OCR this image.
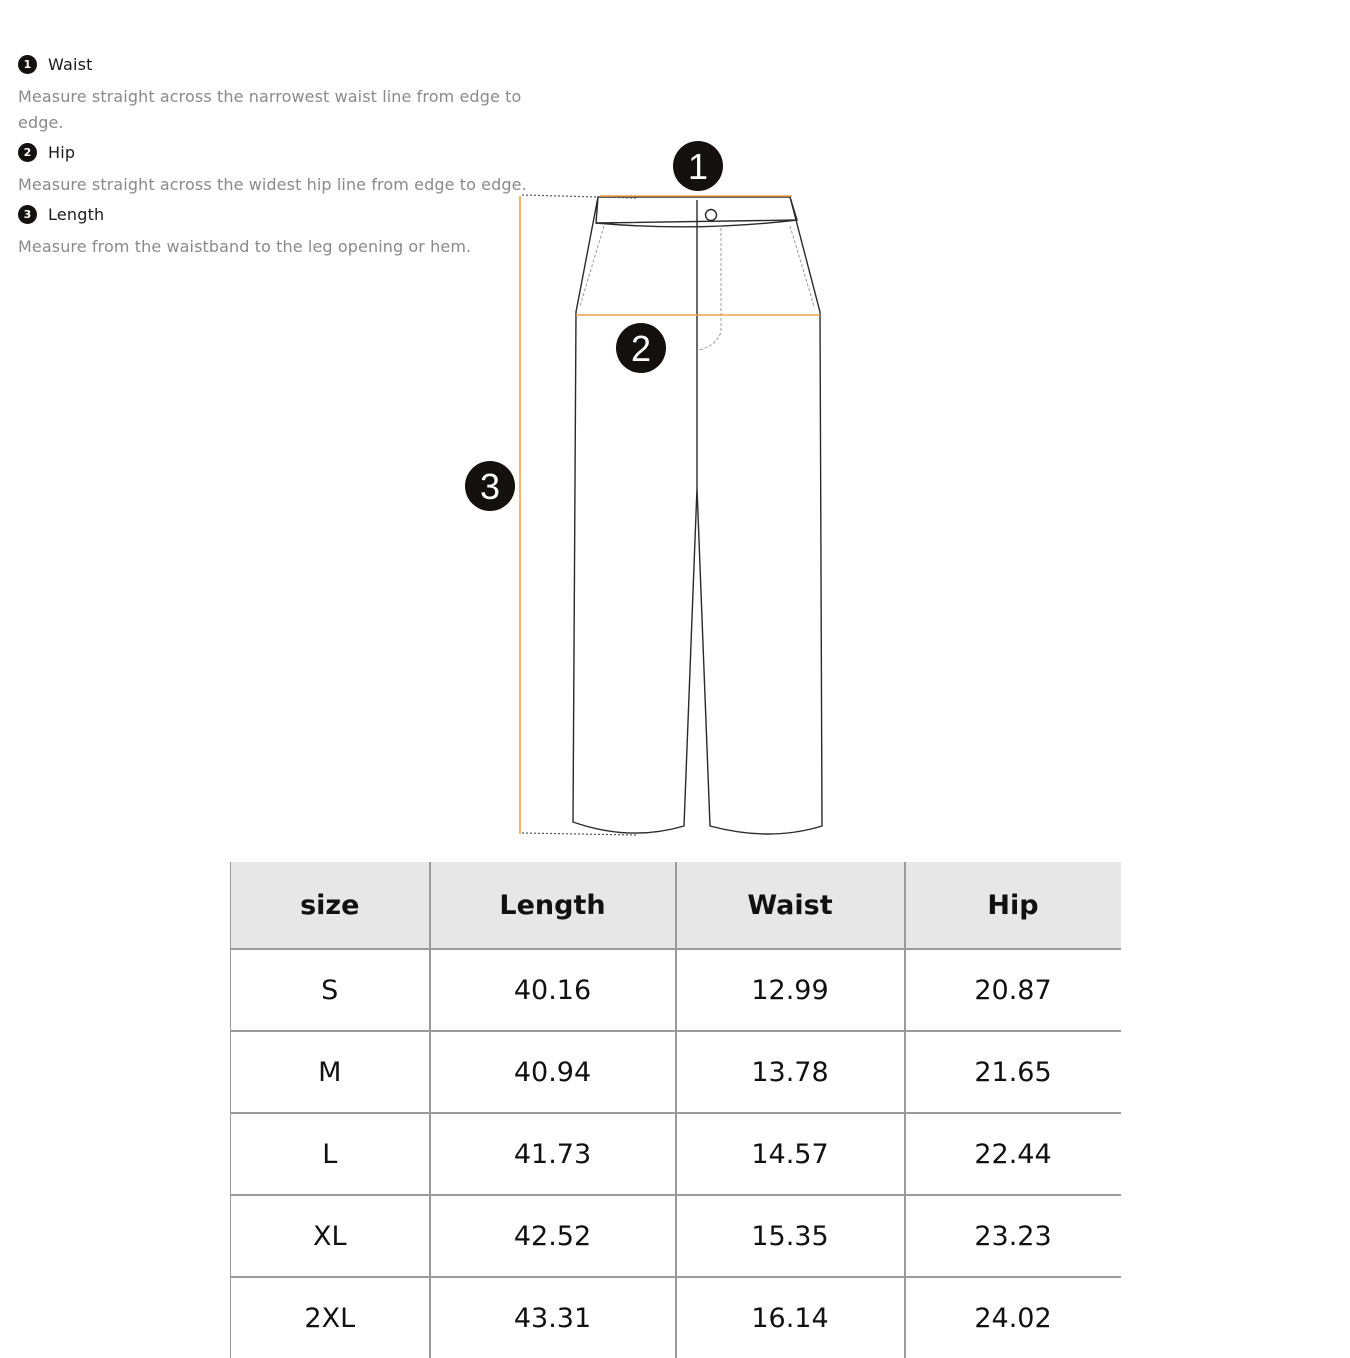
1	Waist

Measure straight across the narrowest waist line from edge to edge.

2	Hip

Measure straight across the widest hip line from edge to edge.

3	Length

Measure from the waistband to the leg opening or hem.

1
2
3
size	Length	Waist	Hip
S	40.16	12.99	20.87
M	40.94	13.78	21.65
L	41.73	14.57	22.44
XL	42.52	15.35	23.23
2XL	43.31	16.14	24.02
